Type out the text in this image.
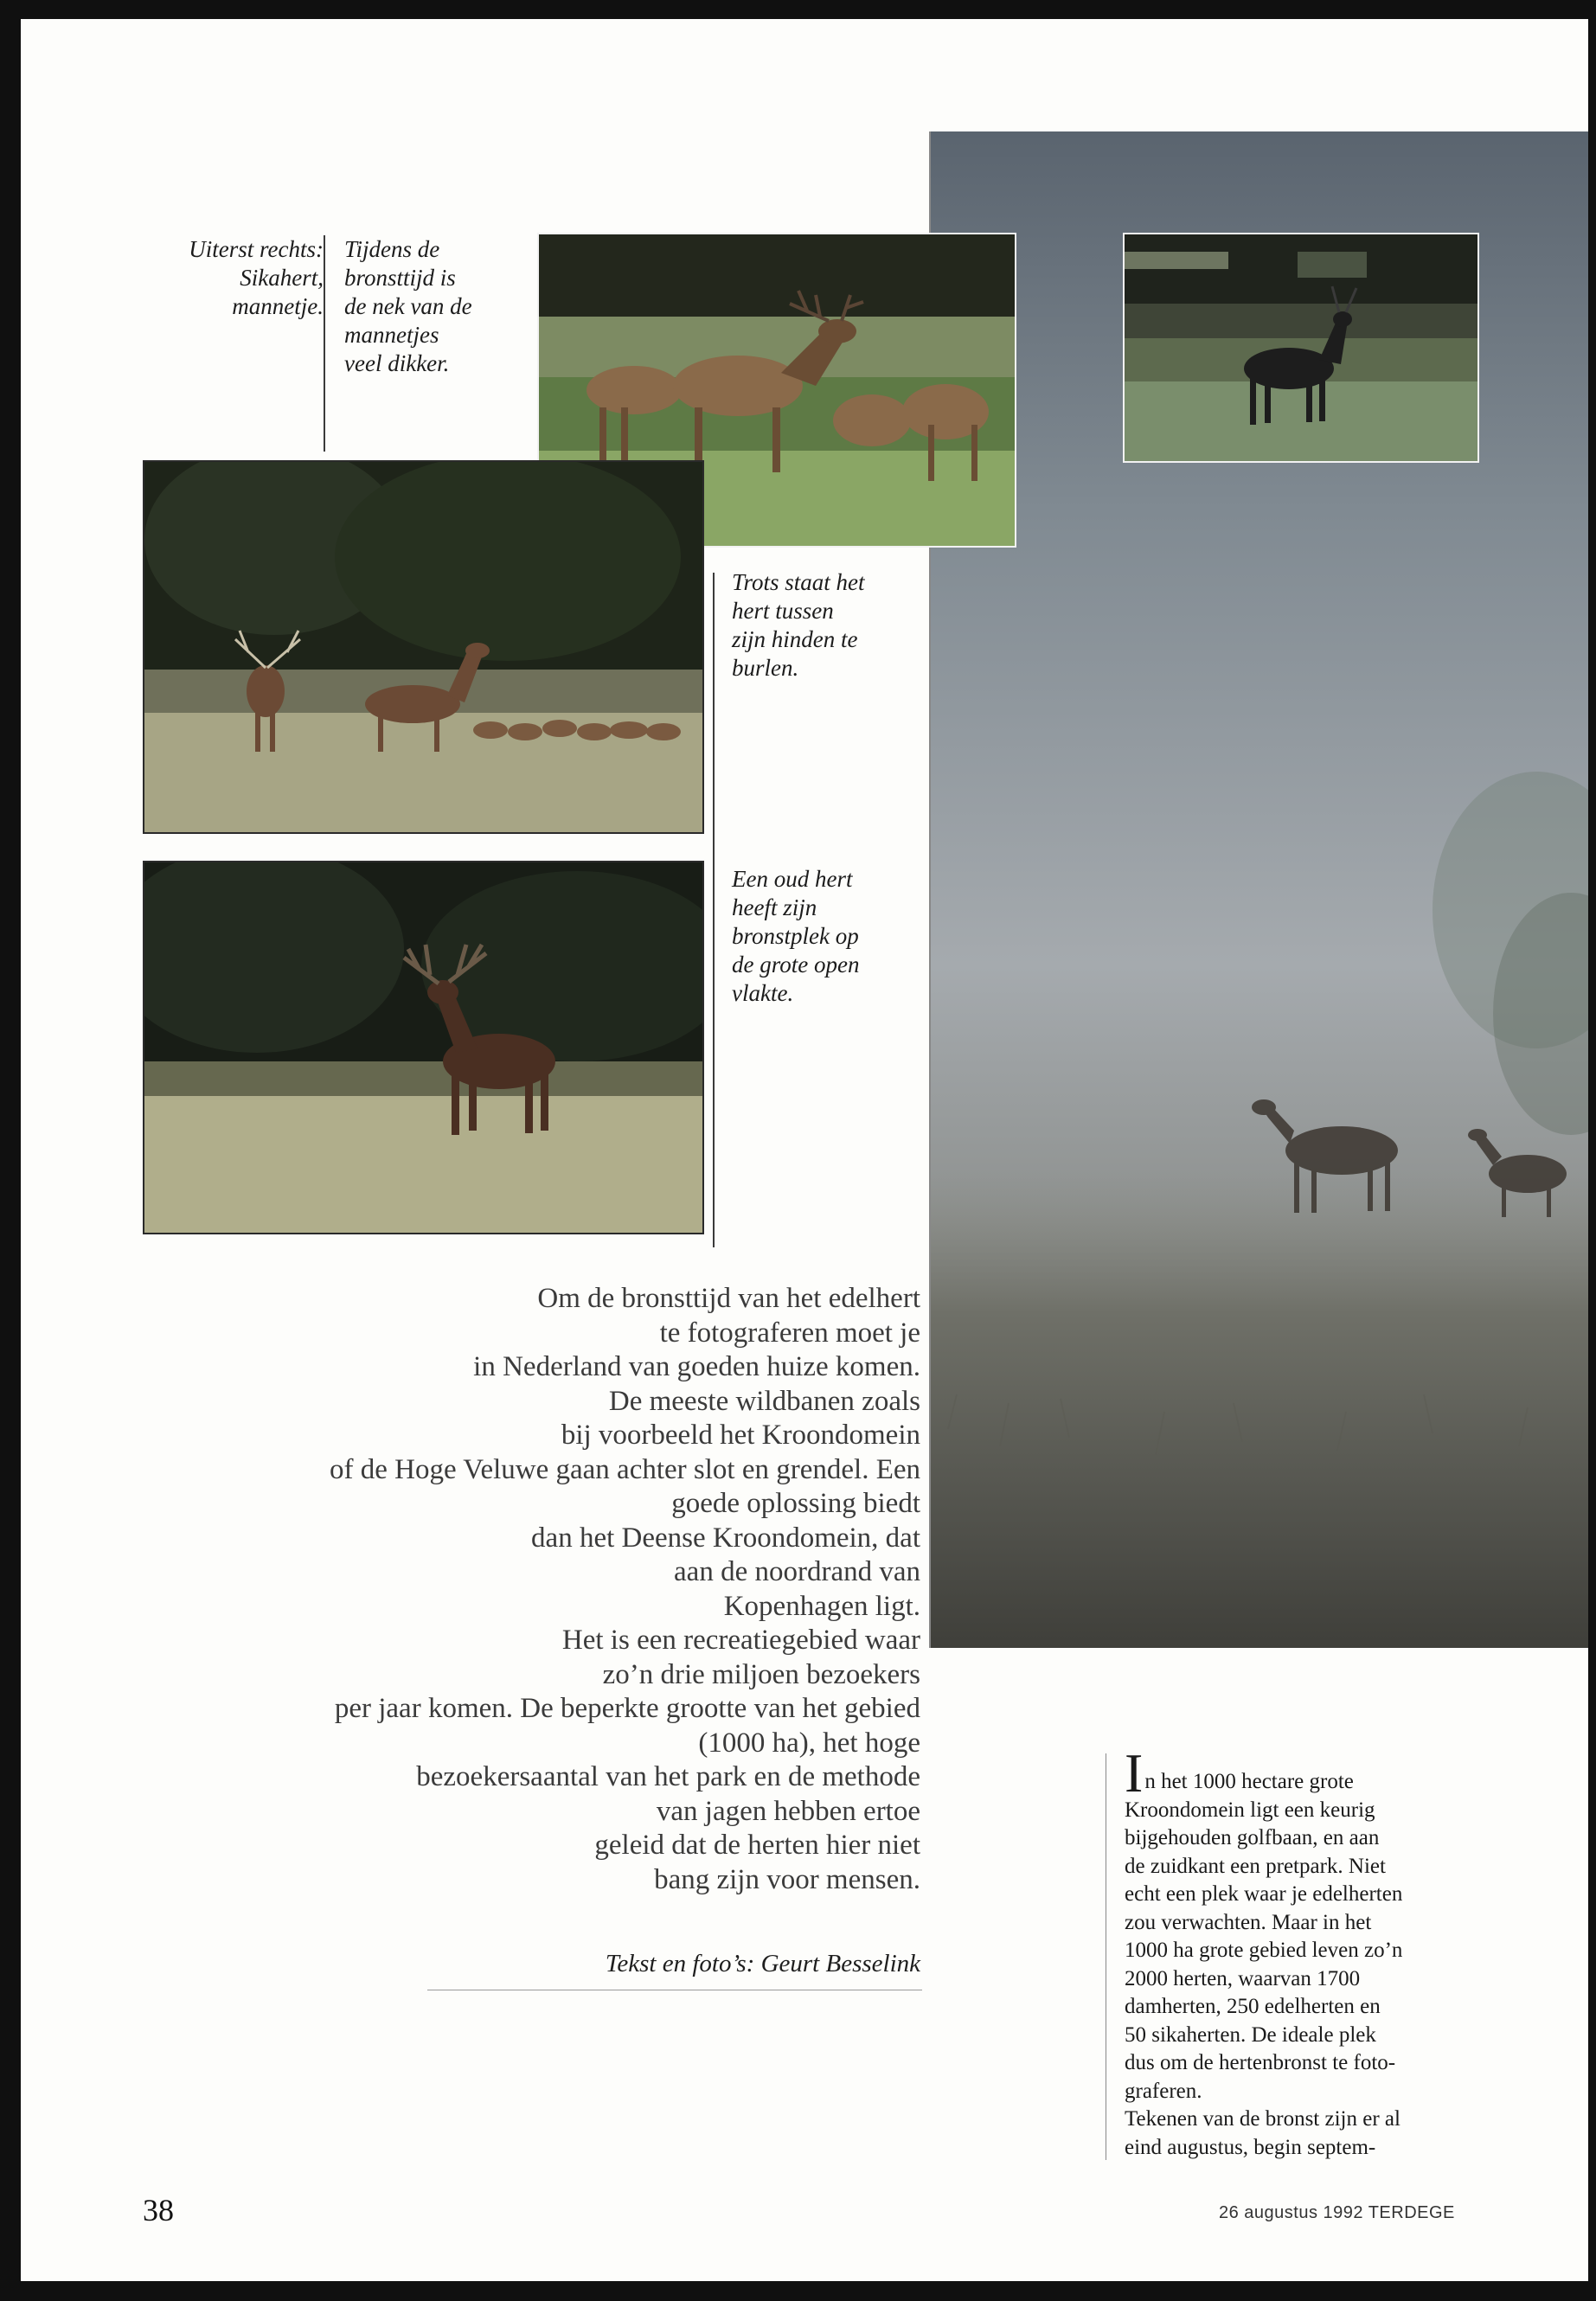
Uiterst rechts:
Sikahert,
mannetje.
Tijdens de
bronsttijd is
de nek van de
mannetjes
veel dikker.
Trots staat het
hert tussen
zijn hinden te
burlen.
Een oud hert
heeft zijn
bronstplek op
de grote open
vlakte.
Om de bronsttijd van het edelhert
te fotograferen moet je
in Nederland van goeden huize komen.
De meeste wildbanen zoals
bij voorbeeld het Kroondomein
of de Hoge Veluwe gaan achter slot en grendel. Een
goede oplossing biedt
dan het Deense Kroondomein, dat
aan de noordrand van
Kopenhagen ligt.
Het is een recreatiegebied waar
zo’n drie miljoen bezoekers
per jaar komen. De beperkte grootte van het gebied
(1000 ha), het hoge
bezoekersaantal van het park en de methode
van jagen hebben ertoe
geleid dat de herten hier niet
bang zijn voor mensen.
Tekst en foto’s: Geurt Besselink
In het 1000 hectare grote
Kroondomein ligt een keurig
bijgehouden golfbaan, en aan
de zuidkant een pretpark. Niet
echt een plek waar je edelherten
zou verwachten. Maar in het
1000 ha grote gebied leven zo’n
2000 herten, waarvan 1700
damherten, 250 edelherten en
50 sikaherten. De ideale plek
dus om de hertenbronst te foto-
graferen.
Tekenen van de bronst zijn er al
eind augustus, begin septem-
38	26 augustus 1992 TERDEGE
